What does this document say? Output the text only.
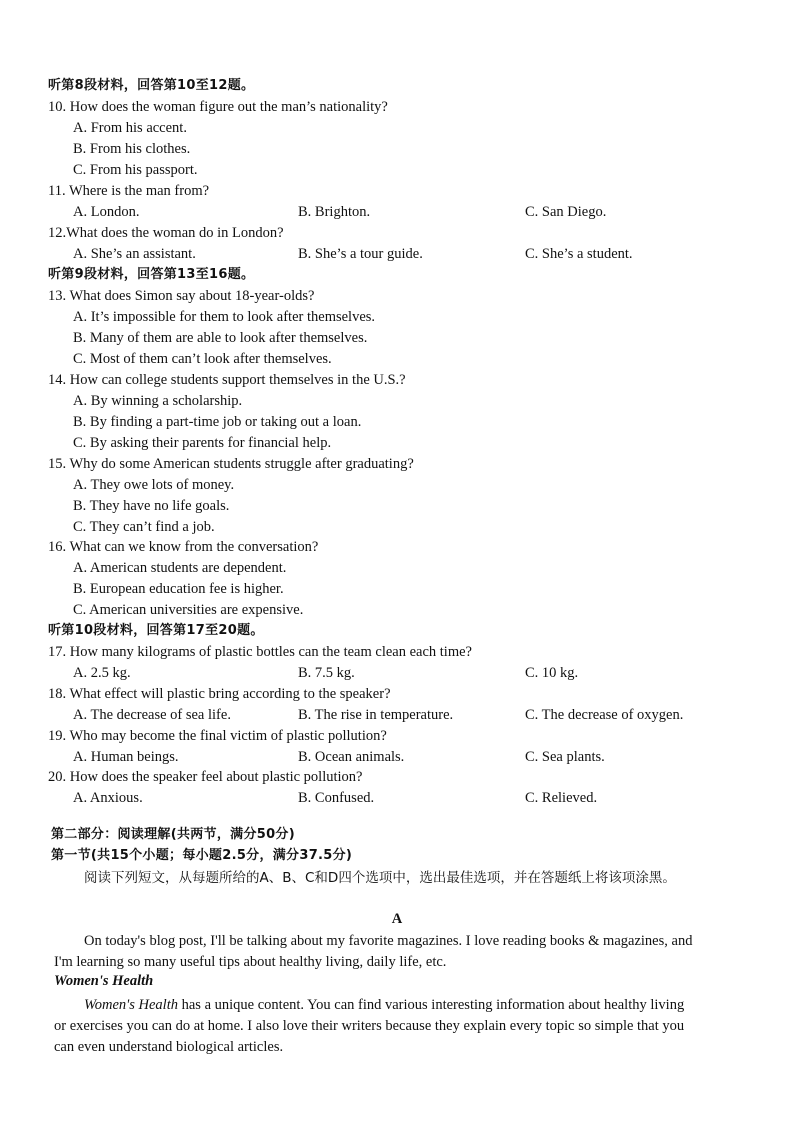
听第8段材料，回答第10至12题。
10. How does the woman figure out the man’s nationality?
A. From his accent.
B. From his clothes.
C. From his passport.
11. Where is the man from?
A. London.	B. Brighton.	C. San Diego.
12.What does the woman do in London?
A. She’s an assistant.	B. She’s a tour guide.	C. She’s a student.
听第9段材料，回答第13至16题。
13. What does Simon say about 18-year-olds?
A. It’s impossible for them to look after themselves.
B. Many of them are able to look after themselves.
C. Most of them can’t look after themselves.
14. How can college students support themselves in the U.S.?
A. By winning a scholarship.
B. By finding a part-time job or taking out a loan.
C. By asking their parents for financial help.
15. Why do some American students struggle after graduating?
A. They owe lots of money.
B. They have no life goals.
C. They can’t find a job.
16. What can we know from the conversation?
A. American students are dependent.
B. European education fee is higher.
C. American universities are expensive.
听第10段材料，回答第17至20题。
17. How many kilograms of plastic bottles can the team clean each time?
A. 2.5 kg.	B. 7.5 kg.	C. 10 kg.
18. What effect will plastic bring according to the speaker?
A. The decrease of sea life.	B. The rise in temperature.	C. The decrease of oxygen.
19. Who may become the final victim of plastic pollution?
A. Human beings.	B. Ocean animals.	C. Sea plants.
20. How does the speaker feel about plastic pollution?
A. Anxious.	B. Confused.	C. Relieved.
第二部分：阅读理解(共两节，满分50分)
第一节(共15个小题；每小题2.5分，满分37.5分)
阅读下列短文，从每题所给的A、B、C和D四个选项中，选出最佳选项，并在答题纸上将该项涂黑。
A
On today's blog post, I'll be talking about my favorite magazines. I love reading books & magazines, and
I'm learning so many useful tips about healthy living, daily life, etc.
Women's Health
Women's Health has a unique content. You can find various interesting information about healthy living
or exercises you can do at home. I also love their writers because they explain every topic so simple that you
can even understand biological articles.
